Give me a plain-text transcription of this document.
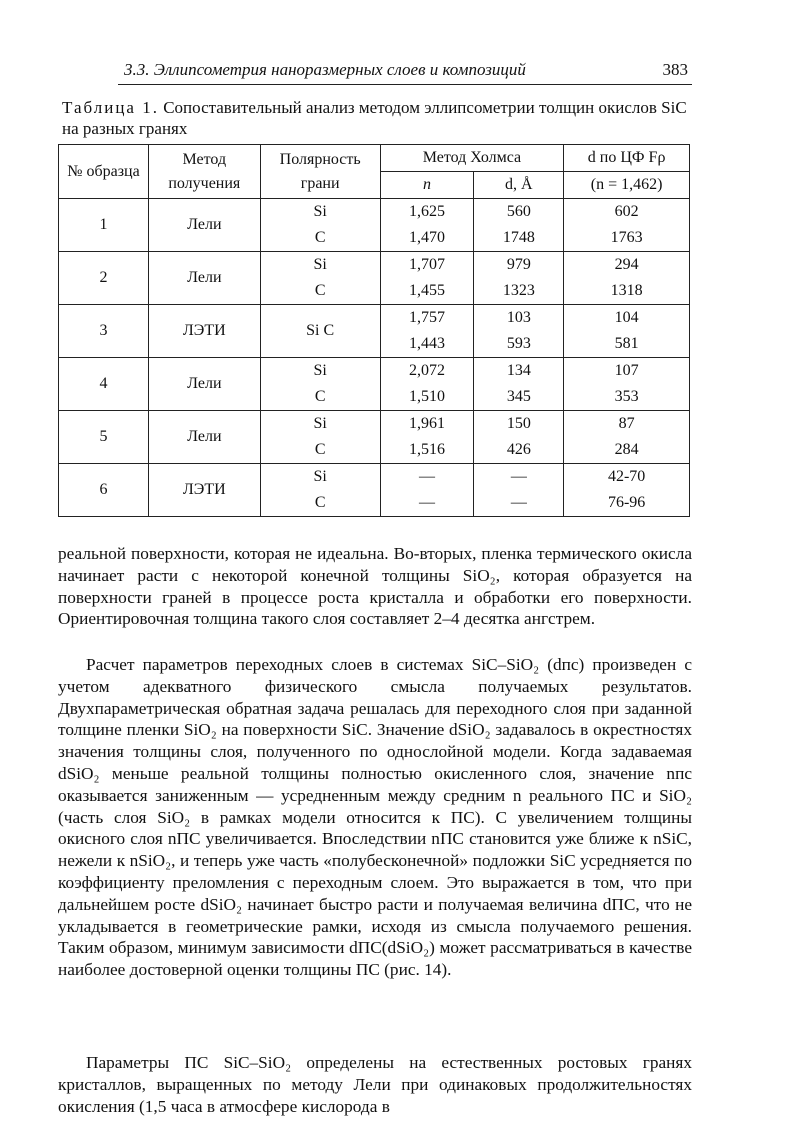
3.3. Эллипсометрия наноразмерных слоев и композиций	383
Таблица 1. Сопоставительный анализ методом эллипсометрии толщин окислов SiC на разных гранях
№ образца	Метод получения	Полярность грани	Метод Холмса		d по ЦФ Fρ
			n	d, Å	(n = 1,462)
1	Лели	Si	1,625	560	602
		C	1,470	1748	1763
2	Лели	Si	1,707	979	294
		C	1,455	1323	1318
3	ЛЭТИ	Si C	1,757	103	104
			1,443	593	581
4	Лели	Si	2,072	134	107
		C	1,510	345	353
5	Лели	Si	1,961	150	87
		C	1,516	426	284
6	ЛЭТИ	Si	—	—	42-70
		C	—	—	76-96

реальной поверхности, которая не идеальна. Во-вторых, пленка термического окисла начинает расти с некоторой конечной толщины SiO₂, которая образуется на поверхности граней в процессе роста кристалла и обработки его поверхности. Ориентировочная толщина такого слоя составляет 2–4 десятка ангстрем.

Расчет параметров переходных слоев в системах SiC–SiO₂ (dпс) произведен с учетом адекватного физического смысла получаемых результатов. Двухпараметрическая обратная задача решалась для переходного слоя при заданной толщине пленки SiO₂ на поверхности SiC. Значение dSiO₂ задавалось в окрестностях значения толщины слоя, полученного по однослойной модели. Когда задаваемая dSiO₂ меньше реальной толщины полностью окисленного слоя, значение nпс оказывается заниженным — усредненным между средним n реального ПС и SiO₂ (часть слоя SiO₂ в рамках модели относится к ПС). С увеличением толщины окисного слоя nПС увеличивается. Впоследствии nПС становится уже ближе к nSiC, нежели к nSiO₂, и теперь уже часть «полубесконечной» подложки SiC усредняется по коэффициенту преломления с переходным слоем. Это выражается в том, что при дальнейшем росте dSiO₂ начинает быстро расти и получаемая величина dПС, что не укладывается в геометрические рамки, исходя из смысла получаемого решения. Таким образом, минимум зависимости dПС(dSiO₂) может рассматриваться в качестве наиболее достоверной оценки толщины ПС (рис. 14).

Параметры ПС SiC–SiO₂ определены на естественных ростовых гранях кристаллов, выращенных по методу Лели при одинаковых продолжительностях окисления (1,5 часа в атмосфере кислорода в
